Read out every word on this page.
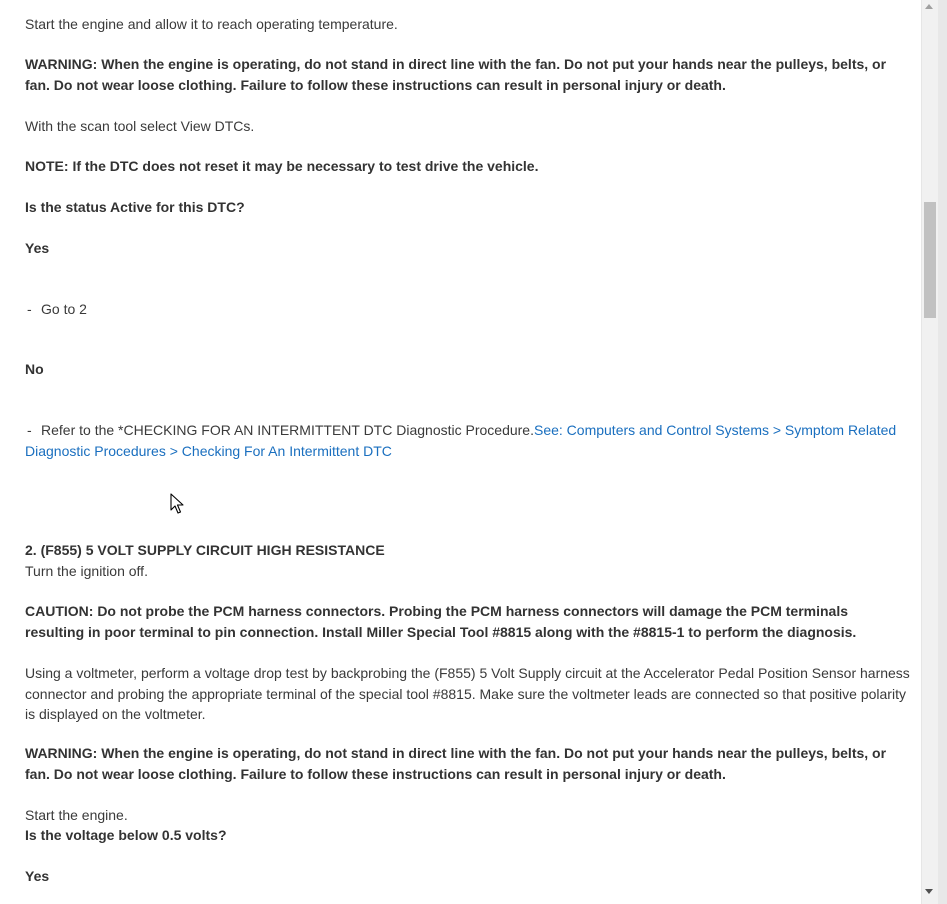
Start the engine and allow it to reach operating temperature.

WARNING: When the engine is operating, do not stand in direct line with the fan. Do not put your hands near the pulleys, belts, or fan. Do not wear loose clothing. Failure to follow these instructions can result in personal injury or death.

With the scan tool select View DTCs.

NOTE: If the DTC does not reset it may be necessary to test drive the vehicle.

Is the status Active for this DTC?

Yes

- Go to 2

No

- Refer to the *CHECKING FOR AN INTERMITTENT DTC Diagnostic Procedure.See: Computers and Control Systems > Symptom Related Diagnostic Procedures > Checking For An Intermittent DTC

2. (F855) 5 VOLT SUPPLY CIRCUIT HIGH RESISTANCE

Turn the ignition off.

CAUTION: Do not probe the PCM harness connectors. Probing the PCM harness connectors will damage the PCM terminals resulting in poor terminal to pin connection. Install Miller Special Tool #8815 along with the #8815-1 to perform the diagnosis.

Using a voltmeter, perform a voltage drop test by backprobing the (F855) 5 Volt Supply circuit at the Accelerator Pedal Position Sensor harness connector and probing the appropriate terminal of the special tool #8815. Make sure the voltmeter leads are connected so that positive polarity is displayed on the voltmeter.

WARNING: When the engine is operating, do not stand in direct line with the fan. Do not put your hands near the pulleys, belts, or fan. Do not wear loose clothing. Failure to follow these instructions can result in personal injury or death.

Start the engine.

Is the voltage below 0.5 volts?

Yes
